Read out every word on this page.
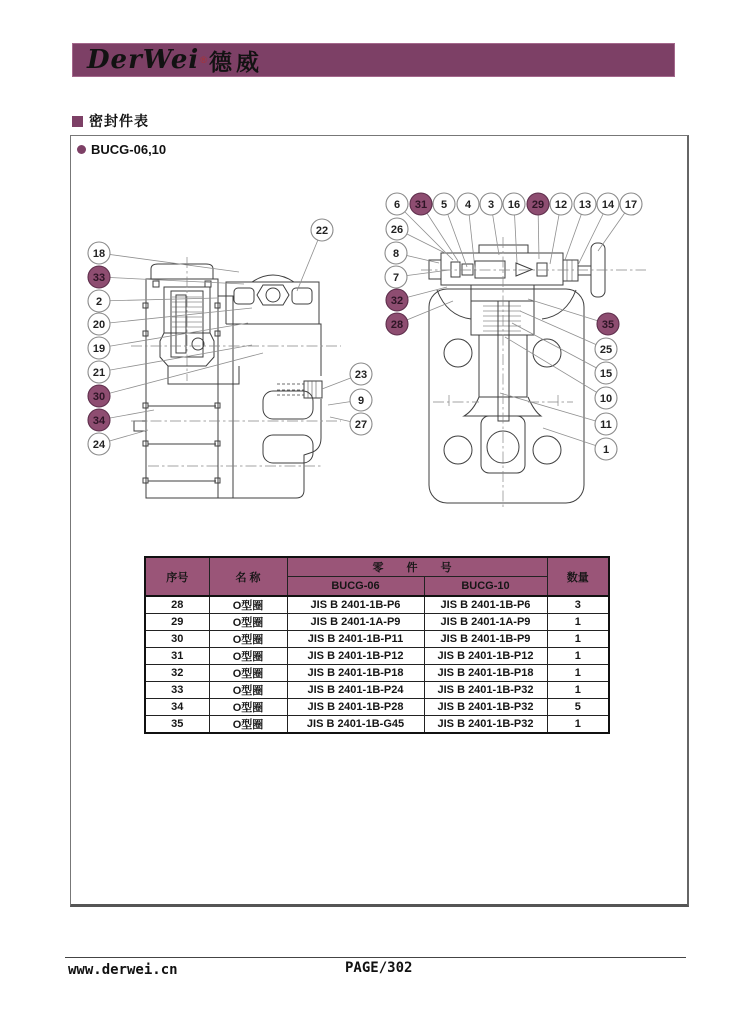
DerWei ® 德威
密封件表
BUCG-06,10
18
33
2
20
19
21
30
34
24
22
23
9
27
6 31 5 4 3 16 29 12 13 14 17
26
8
7
32
28	35
25
15
10
11
1
序号	名 称	零 件 号		数量
		BUCG-06	BUCG-10	
28	O型圈	JIS B 2401-1B-P6	JIS B 2401-1B-P6	3
29	O型圈	JIS B 2401-1A-P9	JIS B 2401-1A-P9	1
30	O型圈	JIS B 2401-1B-P11	JIS B 2401-1B-P9	1
31	O型圈	JIS B 2401-1B-P12	JIS B 2401-1B-P12	1
32	O型圈	JIS B 2401-1B-P18	JIS B 2401-1B-P18	1
33	O型圈	JIS B 2401-1B-P24	JIS B 2401-1B-P32	1
34	O型圈	JIS B 2401-1B-P28	JIS B 2401-1B-P32	5
35	O型圈	JIS B 2401-1B-G45	JIS B 2401-1B-P32	1
www.derwei.cn	PAGE/302
